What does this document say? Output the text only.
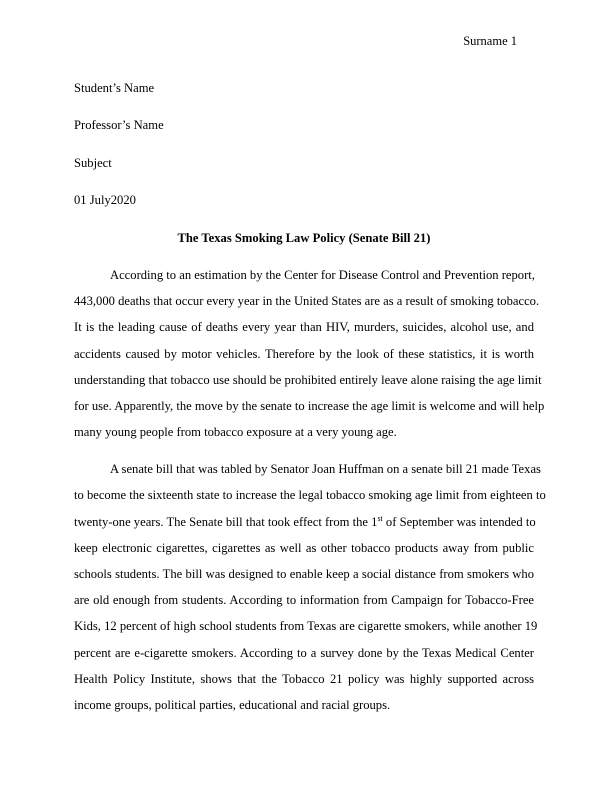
Surname 1
Student’s Name
Professor’s Name
Subject
01 July2020
The Texas Smoking Law Policy (Senate Bill 21)
According to an estimation by the Center for Disease Control and Prevention report,
443,000 deaths that occur every year in the United States are as a result of smoking tobacco.
It is the leading cause of deaths every year than HIV, murders, suicides, alcohol use, and
accidents caused by motor vehicles. Therefore by the look of these statistics, it is worth
understanding that tobacco use should be prohibited entirely leave alone raising the age limit
for use. Apparently, the move by the senate to increase the age limit is welcome and will help
many young people from tobacco exposure at a very young age.
A senate bill that was tabled by Senator Joan Huffman on a senate bill 21 made Texas
to become the sixteenth state to increase the legal tobacco smoking age limit from eighteen to
twenty-one years. The Senate bill that took effect from the 1st of September was intended to
keep electronic cigarettes, cigarettes as well as other tobacco products away from public
schools students. The bill was designed to enable keep a social distance from smokers who
are old enough from students. According to information from Campaign for Tobacco-Free
Kids, 12 percent of high school students from Texas are cigarette smokers, while another 19
percent are e-cigarette smokers. According to a survey done by the Texas Medical Center
Health Policy Institute, shows that the Tobacco 21 policy was highly supported across
income groups, political parties, educational and racial groups.
